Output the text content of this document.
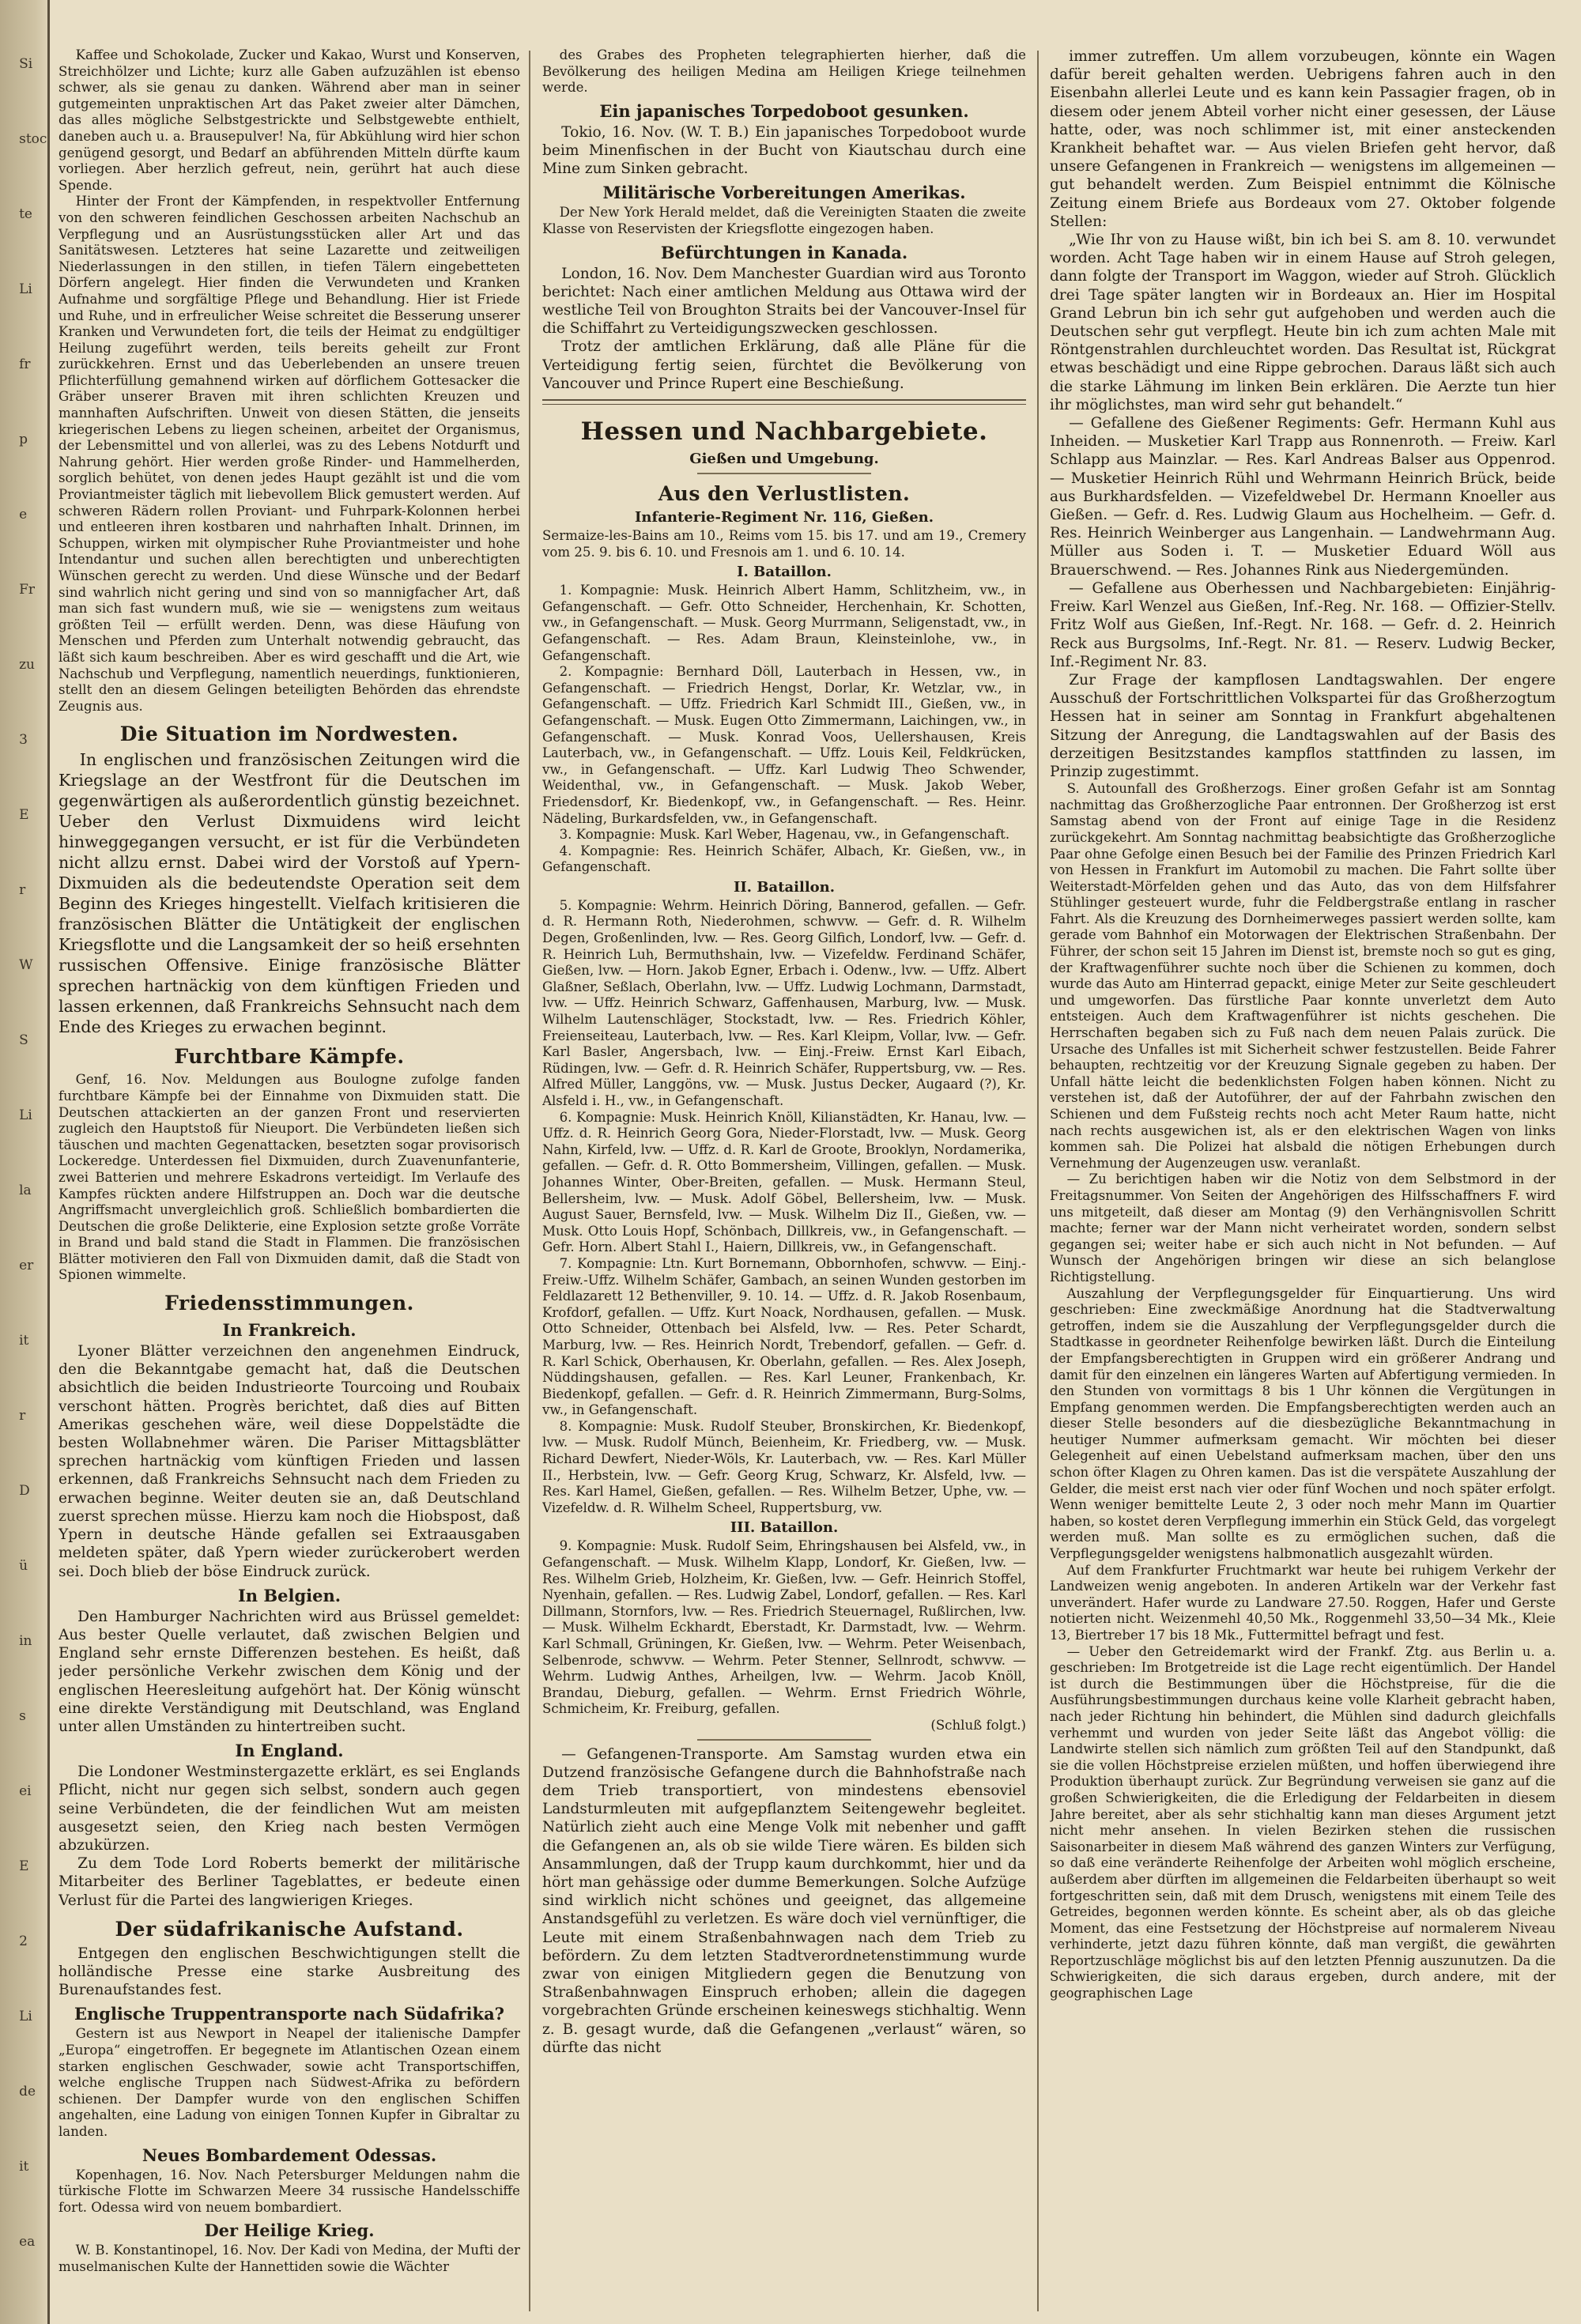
Si

stoc

te

Li

fr

p

e

Fr

zu

3

E

r

W

S

Li

la

er

it

r

D

ü

in

s

ei

E

2

Li

de

it

ea

Kaffee und Schokolade, Zucker und Kakao, Wurst und Konserven, Streichhölzer und Lichte; kurz alle Gaben aufzuzählen ist ebenso schwer, als sie genau zu danken. Während aber man in seiner gutgemeinten unpraktischen Art das Paket zweier alter Dämchen, das alles mögliche Selbstgestrickte und Selbstgewebte enthielt, daneben auch u. a. Brausepulver! Na, für Abkühlung wird hier schon genügend gesorgt, und Bedarf an abführenden Mitteln dürfte kaum vorliegen. Aber herzlich gefreut, nein, gerührt hat auch diese Spende.

Hinter der Front der Kämpfenden, in respektvoller Entfernung von den schweren feindlichen Geschossen arbeiten Nachschub an Verpflegung und an Ausrüstungsstücken aller Art und das Sanitätswesen. Letzteres hat seine Lazarette und zeitweiligen Niederlassungen in den stillen, in tiefen Tälern eingebetteten Dörfern angelegt. Hier finden die Verwundeten und Kranken Aufnahme und sorgfältige Pflege und Behandlung. Hier ist Friede und Ruhe, und in erfreulicher Weise schreitet die Besserung unserer Kranken und Verwundeten fort, die teils der Heimat zu endgültiger Heilung zugeführt werden, teils bereits geheilt zur Front zurückkehren. Ernst und das Ueberlebenden an unsere treuen Pflichterfüllung gemahnend wirken auf dörflichem Gottesacker die Gräber unserer Braven mit ihren schlichten Kreuzen und mannhaften Aufschriften. Unweit von diesen Stätten, die jenseits kriegerischen Lebens zu liegen scheinen, arbeitet der Organismus, der Lebensmittel und von allerlei, was zu des Lebens Notdurft und Nahrung gehört. Hier werden große Rinder- und Hammelherden, sorglich behütet, von denen jedes Haupt gezählt ist und die vom Proviantmeister täglich mit liebevollem Blick gemustert werden. Auf schweren Rädern rollen Proviant- und Fuhrpark-Kolonnen herbei und entleeren ihren kostbaren und nahrhaften Inhalt. Drinnen, im Schuppen, wirken mit olympischer Ruhe Proviantmeister und hohe Intendantur und suchen allen berechtigten und unberechtigten Wünschen gerecht zu werden. Und diese Wünsche und der Bedarf sind wahrlich nicht gering und sind von so mannigfacher Art, daß man sich fast wundern muß, wie sie — wenigstens zum weitaus größten Teil — erfüllt werden. Denn, was diese Häufung von Menschen und Pferden zum Unterhalt notwendig gebraucht, das läßt sich kaum beschreiben. Aber es wird geschafft und die Art, wie Nachschub und Verpflegung, namentlich neuerdings, funktionieren, stellt den an diesem Gelingen beteiligten Behörden das ehrendste Zeugnis aus.

Die Situation im Nordwesten.

In englischen und französischen Zeitungen wird die Kriegslage an der Westfront für die Deutschen im gegenwärtigen als außerordentlich günstig bezeichnet. Ueber den Verlust Dixmuidens wird leicht hinweggegangen versucht, er ist für die Verbündeten nicht allzu ernst. Dabei wird der Vorstoß auf Ypern-Dixmuiden als die bedeutendste Operation seit dem Beginn des Krieges hingestellt. Vielfach kritisieren die französischen Blätter die Untätigkeit der englischen Kriegsflotte und die Langsamkeit der so heiß ersehnten russischen Offensive. Einige französische Blätter sprechen hartnäckig von dem künftigen Frieden und lassen erkennen, daß Frankreichs Sehnsucht nach dem Ende des Krieges zu erwachen beginnt.

Furchtbare Kämpfe.

Genf, 16. Nov. Meldungen aus Boulogne zufolge fanden furchtbare Kämpfe bei der Einnahme von Dixmuiden statt. Die Deutschen attackierten an der ganzen Front und reservierten zugleich den Hauptstoß für Nieuport. Die Verbündeten ließen sich täuschen und machten Gegenattacken, besetzten sogar provisorisch Lockeredge. Unterdessen fiel Dixmuiden, durch Zuavenunfanterie, zwei Batterien und mehrere Eskadrons verteidigt. Im Verlaufe des Kampfes rückten andere Hilfstruppen an. Doch war die deutsche Angriffsmacht unvergleichlich groß. Schließlich bombardierten die Deutschen die große Delikterie, eine Explosion setzte große Vorräte in Brand und bald stand die Stadt in Flammen. Die französischen Blätter motivieren den Fall von Dixmuiden damit, daß die Stadt von Spionen wimmelte.

Friedensstimmungen.
In Frankreich.

Lyoner Blätter verzeichnen den angenehmen Eindruck, den die Bekanntgabe gemacht hat, daß die Deutschen absichtlich die beiden Industrieorte Tourcoing und Roubaix verschont hätten. Progrès berichtet, daß dies auf Bitten Amerikas geschehen wäre, weil diese Doppelstädte die besten Wollabnehmer wären. Die Pariser Mittagsblätter sprechen hartnäckig vom künftigen Frieden und lassen erkennen, daß Frankreichs Sehnsucht nach dem Frieden zu erwachen beginne. Weiter deuten sie an, daß Deutschland zuerst sprechen müsse. Hierzu kam noch die Hiobspost, daß Ypern in deutsche Hände gefallen sei Extraausgaben meldeten später, daß Ypern wieder zurückerobert werden sei. Doch blieb der böse Eindruck zurück.

In Belgien.

Den Hamburger Nachrichten wird aus Brüssel gemeldet: Aus bester Quelle verlautet, daß zwischen Belgien und England sehr ernste Differenzen bestehen. Es heißt, daß jeder persönliche Verkehr zwischen dem König und der englischen Heeresleitung aufgehört hat. Der König wünscht eine direkte Verständigung mit Deutschland, was England unter allen Umständen zu hintertreiben sucht.

In England.

Die Londoner Westminstergazette erklärt, es sei Englands Pflicht, nicht nur gegen sich selbst, sondern auch gegen seine Verbündeten, die der feindlichen Wut am meisten ausgesetzt seien, den Krieg nach besten Vermögen abzukürzen.

Zu dem Tode Lord Roberts bemerkt der militärische Mitarbeiter des Berliner Tageblattes, er bedeute einen Verlust für die Partei des langwierigen Krieges.

Der südafrikanische Aufstand.

Entgegen den englischen Beschwichtigungen stellt die holländische Presse eine starke Ausbreitung des Burenaufstandes fest.

Englische Truppentransporte nach Südafrika?

Gestern ist aus Newport in Neapel der italienische Dampfer „Europa“ eingetroffen. Er begegnete im Atlantischen Ozean einem starken englischen Geschwader, sowie acht Transportschiffen, welche englische Truppen nach Südwest-Afrika zu befördern schienen. Der Dampfer wurde von den englischen Schiffen angehalten, eine Ladung von einigen Tonnen Kupfer in Gibraltar zu landen.

Neues Bombardement Odessas.

Kopenhagen, 16. Nov. Nach Petersburger Meldungen nahm die türkische Flotte im Schwarzen Meere 34 russische Handelsschiffe fort. Odessa wird von neuem bombardiert.

Der Heilige Krieg.

W. B. Konstantinopel, 16. Nov. Der Kadi von Medina, der Mufti der muselmanischen Kulte der Hannettiden sowie die Wächter

des Grabes des Propheten telegraphierten hierher, daß die Bevölkerung des heiligen Medina am Heiligen Kriege teilnehmen werde.

Ein japanisches Torpedoboot gesunken.

Tokio, 16. Nov. (W. T. B.) Ein japanisches Torpedoboot wurde beim Minenfischen in der Bucht von Kiautschau durch eine Mine zum Sinken gebracht.

Militärische Vorbereitungen Amerikas.

Der New York Herald meldet, daß die Vereinigten Staaten die zweite Klasse von Reservisten der Kriegsflotte eingezogen haben.

Befürchtungen in Kanada.

London, 16. Nov. Dem Manchester Guardian wird aus Toronto berichtet: Nach einer amtlichen Meldung aus Ottawa wird der westliche Teil von Broughton Straits bei der Vancouver-Insel für die Schiffahrt zu Verteidigungszwecken geschlossen.

Trotz der amtlichen Erklärung, daß alle Pläne für die Verteidigung fertig seien, fürchtet die Bevölkerung von Vancouver und Prince Rupert eine Beschießung.

Hessen und Nachbargebiete.
Gießen und Umgebung.
Aus den Verlustlisten.
Infanterie-Regiment Nr. 116, Gießen.

Sermaize-les-Bains am 10., Reims vom 15. bis 17. und am 19., Cremery vom 25. 9. bis 6. 10. und Fresnois am 1. und 6. 10. 14.

I. Bataillon.

1. Kompagnie: Musk. Heinrich Albert Hamm, Schlitzheim, vw., in Gefangenschaft. — Gefr. Otto Schneider, Herchenhain, Kr. Schotten, vw., in Gefangenschaft. — Musk. Georg Murrmann, Seligenstadt, vw., in Gefangenschaft. — Res. Adam Braun, Kleinsteinlohe, vw., in Gefangenschaft.

2. Kompagnie: Bernhard Döll, Lauterbach in Hessen, vw., in Gefangenschaft. — Friedrich Hengst, Dorlar, Kr. Wetzlar, vw., in Gefangenschaft. — Uffz. Friedrich Karl Schmidt III., Gießen, vw., in Gefangenschaft. — Musk. Eugen Otto Zimmermann, Laichingen, vw., in Gefangenschaft. — Musk. Konrad Voos, Uellershausen, Kreis Lauterbach, vw., in Gefangenschaft. — Uffz. Louis Keil, Feldkrücken, vw., in Gefangenschaft. — Uffz. Karl Ludwig Theo Schwender, Weidenthal, vw., in Gefangenschaft. — Musk. Jakob Weber, Friedensdorf, Kr. Biedenkopf, vw., in Gefangenschaft. — Res. Heinr. Nädeling, Burkardsfelden, vw., in Gefangenschaft.

3. Kompagnie: Musk. Karl Weber, Hagenau, vw., in Gefangenschaft.

4. Kompagnie: Res. Heinrich Schäfer, Albach, Kr. Gießen, vw., in Gefangenschaft.

II. Bataillon.

5. Kompagnie: Wehrm. Heinrich Döring, Bannerod, gefallen. — Gefr. d. R. Hermann Roth, Niederohmen, schwvw. — Gefr. d. R. Wilhelm Degen, Großenlinden, lvw. — Res. Georg Gilfich, Londorf, lvw. — Gefr. d. R. Heinrich Luh, Bermuthshain, lvw. — Vizefeldw. Ferdinand Schäfer, Gießen, lvw. — Horn. Jakob Egner, Erbach i. Odenw., lvw. — Uffz. Albert Glaßner, Seßlach, Oberlahn, lvw. — Uffz. Ludwig Lochmann, Darmstadt, lvw. — Uffz. Heinrich Schwarz, Gaffenhausen, Marburg, lvw. — Musk. Wilhelm Lautenschläger, Stockstadt, lvw. — Res. Friedrich Köhler, Freienseiteau, Lauterbach, lvw. — Res. Karl Kleipm, Vollar, lvw. — Gefr. Karl Basler, Angersbach, lvw. — Einj.-Freiw. Ernst Karl Eibach, Rüdingen, lvw. — Gefr. d. R. Heinrich Schäfer, Ruppertsburg, vw. — Res. Alfred Müller, Langgöns, vw. — Musk. Justus Decker, Augaard (?), Kr. Alsfeld i. H., vw., in Gefangenschaft.

6. Kompagnie: Musk. Heinrich Knöll, Kilianstädten, Kr. Hanau, lvw. — Uffz. d. R. Heinrich Georg Gora, Nieder-Florstadt, lvw. — Musk. Georg Nahn, Kirfeld, lvw. — Uffz. d. R. Karl de Groote, Brooklyn, Nordamerika, gefallen. — Gefr. d. R. Otto Bommersheim, Villingen, gefallen. — Musk. Johannes Winter, Ober-Breiten, gefallen. — Musk. Hermann Steul, Bellersheim, lvw. — Musk. Adolf Göbel, Bellersheim, lvw. — Musk. August Sauer, Bernsfeld, lvw. — Musk. Wilhelm Diz II., Gießen, vw. — Musk. Otto Louis Hopf, Schönbach, Dillkreis, vw., in Gefangenschaft. — Gefr. Horn. Albert Stahl I., Haiern, Dillkreis, vw., in Gefangenschaft.

7. Kompagnie: Ltn. Kurt Bornemann, Obbornhofen, schwvw. — Einj.-Freiw.-Uffz. Wilhelm Schäfer, Gambach, an seinen Wunden gestorben im Feldlazarett 12 Bethenviller, 9. 10. 14. — Uffz. d. R. Jakob Rosenbaum, Krofdorf, gefallen. — Uffz. Kurt Noack, Nordhausen, gefallen. — Musk. Otto Schneider, Ottenbach bei Alsfeld, lvw. — Res. Peter Schardt, Marburg, lvw. — Res. Heinrich Nordt, Trebendorf, gefallen. — Gefr. d. R. Karl Schick, Oberhausen, Kr. Oberlahn, gefallen. — Res. Alex Joseph, Nüddingshausen, gefallen. — Res. Karl Leuner, Frankenbach, Kr. Biedenkopf, gefallen. — Gefr. d. R. Heinrich Zimmermann, Burg-Solms, vw., in Gefangenschaft.

8. Kompagnie: Musk. Rudolf Steuber, Bronskirchen, Kr. Biedenkopf, lvw. — Musk. Rudolf Münch, Beienheim, Kr. Friedberg, vw. — Musk. Richard Dewfert, Nieder-Wöls, Kr. Lauterbach, vw. — Res. Karl Müller II., Herbstein, lvw. — Gefr. Georg Krug, Schwarz, Kr. Alsfeld, lvw. — Res. Karl Hamel, Gießen, gefallen. — Res. Wilhelm Betzer, Uphe, vw. — Vizefeldw. d. R. Wilhelm Scheel, Ruppertsburg, vw.

III. Bataillon.

9. Kompagnie: Musk. Rudolf Seim, Ehringshausen bei Alsfeld, vw., in Gefangenschaft. — Musk. Wilhelm Klapp, Londorf, Kr. Gießen, lvw. — Res. Wilhelm Grieb, Holzheim, Kr. Gießen, lvw. — Gefr. Heinrich Stoffel, Nyenhain, gefallen. — Res. Ludwig Zabel, Londorf, gefallen. — Res. Karl Dillmann, Stornfors, lvw. — Res. Friedrich Steuernagel, Rußlirchen, lvw. — Musk. Wilhelm Eckhardt, Eberstadt, Kr. Darmstadt, lvw. — Wehrm. Karl Schmall, Grüningen, Kr. Gießen, lvw. — Wehrm. Peter Weisenbach, Selbenrode, schwvw. — Wehrm. Peter Stenner, Sellnrodt, schwvw. — Wehrm. Ludwig Anthes, Arheilgen, lvw. — Wehrm. Jacob Knöll, Brandau, Dieburg, gefallen. — Wehrm. Ernst Friedrich Wöhrle, Schmicheim, Kr. Freiburg, gefallen.

(Schluß folgt.)

— Gefangenen-Transporte. Am Samstag wurden etwa ein Dutzend französische Gefangene durch die Bahnhofstraße nach dem Trieb transportiert, von mindestens ebensoviel Landsturmleuten mit aufgepflanztem Seitengewehr begleitet. Natürlich zieht auch eine Menge Volk mit nebenher und gafft die Gefangenen an, als ob sie wilde Tiere wären. Es bilden sich Ansammlungen, daß der Trupp kaum durchkommt, hier und da hört man gehässige oder dumme Bemerkungen. Solche Aufzüge sind wirklich nicht schönes und geeignet, das allgemeine Anstandsgefühl zu verletzen. Es wäre doch viel vernünftiger, die Leute mit einem Straßenbahnwagen nach dem Trieb zu befördern. Zu dem letzten Stadtverordnetenstimmung wurde zwar von einigen Mitgliedern gegen die Benutzung von Straßenbahnwagen Einspruch erhoben; allein die dagegen vorgebrachten Gründe erscheinen keineswegs stichhaltig. Wenn z. B. gesagt wurde, daß die Gefangenen „verlaust“ wären, so dürfte das nicht

immer zutreffen. Um allem vorzubeugen, könnte ein Wagen dafür bereit gehalten werden. Uebrigens fahren auch in den Eisenbahn allerlei Leute und es kann kein Passagier fragen, ob in diesem oder jenem Abteil vorher nicht einer gesessen, der Läuse hatte, oder, was noch schlimmer ist, mit einer ansteckenden Krankheit behaftet war. — Aus vielen Briefen geht hervor, daß unsere Gefangenen in Frankreich — wenigstens im allgemeinen — gut behandelt werden. Zum Beispiel entnimmt die Kölnische Zeitung einem Briefe aus Bordeaux vom 27. Oktober folgende Stellen:

„Wie Ihr von zu Hause wißt, bin ich bei S. am 8. 10. verwundet worden. Acht Tage haben wir in einem Hause auf Stroh gelegen, dann folgte der Transport im Waggon, wieder auf Stroh. Glücklich drei Tage später langten wir in Bordeaux an. Hier im Hospital Grand Lebrun bin ich sehr gut aufgehoben und werden auch die Deutschen sehr gut verpflegt. Heute bin ich zum achten Male mit Röntgenstrahlen durchleuchtet worden. Das Resultat ist, Rückgrat etwas beschädigt und eine Rippe gebrochen. Daraus läßt sich auch die starke Lähmung im linken Bein erklären. Die Aerzte tun hier ihr möglichstes, man wird sehr gut behandelt.“

— Gefallene des Gießener Regiments: Gefr. Hermann Kuhl aus Inheiden. — Musketier Karl Trapp aus Ronnenroth. — Freiw. Karl Schlapp aus Mainzlar. — Res. Karl Andreas Balser aus Oppenrod. — Musketier Heinrich Rühl und Wehrmann Heinrich Brück, beide aus Burkhardsfelden. — Vizefeldwebel Dr. Hermann Knoeller aus Gießen. — Gefr. d. Res. Ludwig Glaum aus Hochelheim. — Gefr. d. Res. Heinrich Weinberger aus Langenhain. — Landwehrmann Aug. Müller aus Soden i. T. — Musketier Eduard Wöll aus Brauerschwend. — Res. Johannes Rink aus Niedergemünden.

— Gefallene aus Oberhessen und Nachbargebieten: Einjährig-Freiw. Karl Wenzel aus Gießen, Inf.-Reg. Nr. 168. — Offizier-Stellv. Fritz Wolf aus Gießen, Inf.-Regt. Nr. 168. — Gefr. d. 2. Heinrich Reck aus Burgsolms, Inf.-Regt. Nr. 81. — Reserv. Ludwig Becker, Inf.-Regiment Nr. 83.

Zur Frage der kampflosen Landtagswahlen. Der engere Ausschuß der Fortschrittlichen Volkspartei für das Großherzogtum Hessen hat in seiner am Sonntag in Frankfurt abgehaltenen Sitzung der Anregung, die Landtagswahlen auf der Basis des derzeitigen Besitzstandes kampflos stattfinden zu lassen, im Prinzip zugestimmt.

S. Autounfall des Großherzogs. Einer großen Gefahr ist am Sonntag nachmittag das Großherzogliche Paar entronnen. Der Großherzog ist erst Samstag abend von der Front auf einige Tage in die Residenz zurückgekehrt. Am Sonntag nachmittag beabsichtigte das Großherzogliche Paar ohne Gefolge einen Besuch bei der Familie des Prinzen Friedrich Karl von Hessen in Frankfurt im Automobil zu machen. Die Fahrt sollte über Weiterstadt-Mörfelden gehen und das Auto, das von dem Hilfsfahrer Stühlinger gesteuert wurde, fuhr die Feldbergstraße entlang in rascher Fahrt. Als die Kreuzung des Dornheimerweges passiert werden sollte, kam gerade vom Bahnhof ein Motorwagen der Elektrischen Straßenbahn. Der Führer, der schon seit 15 Jahren im Dienst ist, bremste noch so gut es ging, der Kraftwagenführer suchte noch über die Schienen zu kommen, doch wurde das Auto am Hinterrad gepackt, einige Meter zur Seite geschleudert und umgeworfen. Das fürstliche Paar konnte unverletzt dem Auto entsteigen. Auch dem Kraftwagenführer ist nichts geschehen. Die Herrschaften begaben sich zu Fuß nach dem neuen Palais zurück. Die Ursache des Unfalles ist mit Sicherheit schwer festzustellen. Beide Fahrer behaupten, rechtzeitig vor der Kreuzung Signale gegeben zu haben. Der Unfall hätte leicht die bedenklichsten Folgen haben können. Nicht zu verstehen ist, daß der Autoführer, der auf der Fahrbahn zwischen den Schienen und dem Fußsteig rechts noch acht Meter Raum hatte, nicht nach rechts ausgewichen ist, als er den elektrischen Wagen von links kommen sah. Die Polizei hat alsbald die nötigen Erhebungen durch Vernehmung der Augenzeugen usw. veranlaßt.

— Zu berichtigen haben wir die Notiz von dem Selbstmord in der Freitagsnummer. Von Seiten der Angehörigen des Hilfsschaffners F. wird uns mitgeteilt, daß dieser am Montag (9) den Verhängnisvollen Schritt machte; ferner war der Mann nicht verheiratet worden, sondern selbst gegangen sei; weiter habe er sich auch nicht in Not befunden. — Auf Wunsch der Angehörigen bringen wir diese an sich belanglose Richtigstellung.

Auszahlung der Verpflegungsgelder für Einquartierung. Uns wird geschrieben: Eine zweckmäßige Anordnung hat die Stadtverwaltung getroffen, indem sie die Auszahlung der Verpflegungsgelder durch die Stadtkasse in geordneter Reihenfolge bewirken läßt. Durch die Einteilung der Empfangsberechtigten in Gruppen wird ein größerer Andrang und damit für den einzelnen ein längeres Warten auf Abfertigung vermieden. In den Stunden von vormittags 8 bis 1 Uhr können die Vergütungen in Empfang genommen werden. Die Empfangsberechtigten werden auch an dieser Stelle besonders auf die diesbezügliche Bekanntmachung in heutiger Nummer aufmerksam gemacht. Wir möchten bei dieser Gelegenheit auf einen Uebelstand aufmerksam machen, über den uns schon öfter Klagen zu Ohren kamen. Das ist die verspätete Auszahlung der Gelder, die meist erst nach vier oder fünf Wochen und noch später erfolgt. Wenn weniger bemittelte Leute 2, 3 oder noch mehr Mann im Quartier haben, so kostet deren Verpflegung immerhin ein Stück Geld, das vorgelegt werden muß. Man sollte es zu ermöglichen suchen, daß die Verpflegungsgelder wenigstens halbmonatlich ausgezahlt würden.

Auf dem Frankfurter Fruchtmarkt war heute bei ruhigem Verkehr der Landweizen wenig angeboten. In anderen Artikeln war der Verkehr fast unverändert. Hafer wurde zu Landware 27.50. Roggen, Hafer und Gerste notierten nicht. Weizenmehl 40,50 Mk., Roggenmehl 33,50—34 Mk., Kleie 13, Biertreber 17 bis 18 Mk., Futtermittel befragt und fest.

— Ueber den Getreidemarkt wird der Frankf. Ztg. aus Berlin u. a. geschrieben: Im Brotgetreide ist die Lage recht eigentümlich. Der Handel ist durch die Bestimmungen über die Höchstpreise, für die die Ausführungsbestimmungen durchaus keine volle Klarheit gebracht haben, nach jeder Richtung hin behindert, die Mühlen sind dadurch gleichfalls verhemmt und wurden von jeder Seite läßt das Angebot völlig: die Landwirte stellen sich nämlich zum größten Teil auf den Standpunkt, daß sie die vollen Höchstpreise erzielen müßten, und hoffen überwiegend ihre Produktion überhaupt zurück. Zur Begründung verweisen sie ganz auf die großen Schwierigkeiten, die die Erledigung der Feldarbeiten in diesem Jahre bereitet, aber als sehr stichhaltig kann man dieses Argument jetzt nicht mehr ansehen. In vielen Bezirken stehen die russischen Saisonarbeiter in diesem Maß während des ganzen Winters zur Verfügung, so daß eine veränderte Reihenfolge der Arbeiten wohl möglich erscheine, außerdem aber dürften im allgemeinen die Feldarbeiten überhaupt so weit fortgeschritten sein, daß mit dem Drusch, wenigstens mit einem Teile des Getreides, begonnen werden könnte. Es scheint aber, als ob das gleiche Moment, das eine Festsetzung der Höchstpreise auf normalerem Niveau verhinderte, jetzt dazu führen könnte, daß man vergißt, die gewährten Reportzuschläge möglichst bis auf den letzten Pfennig auszunutzen. Da die Schwierigkeiten, die sich daraus ergeben, durch andere, mit der geographischen Lage
